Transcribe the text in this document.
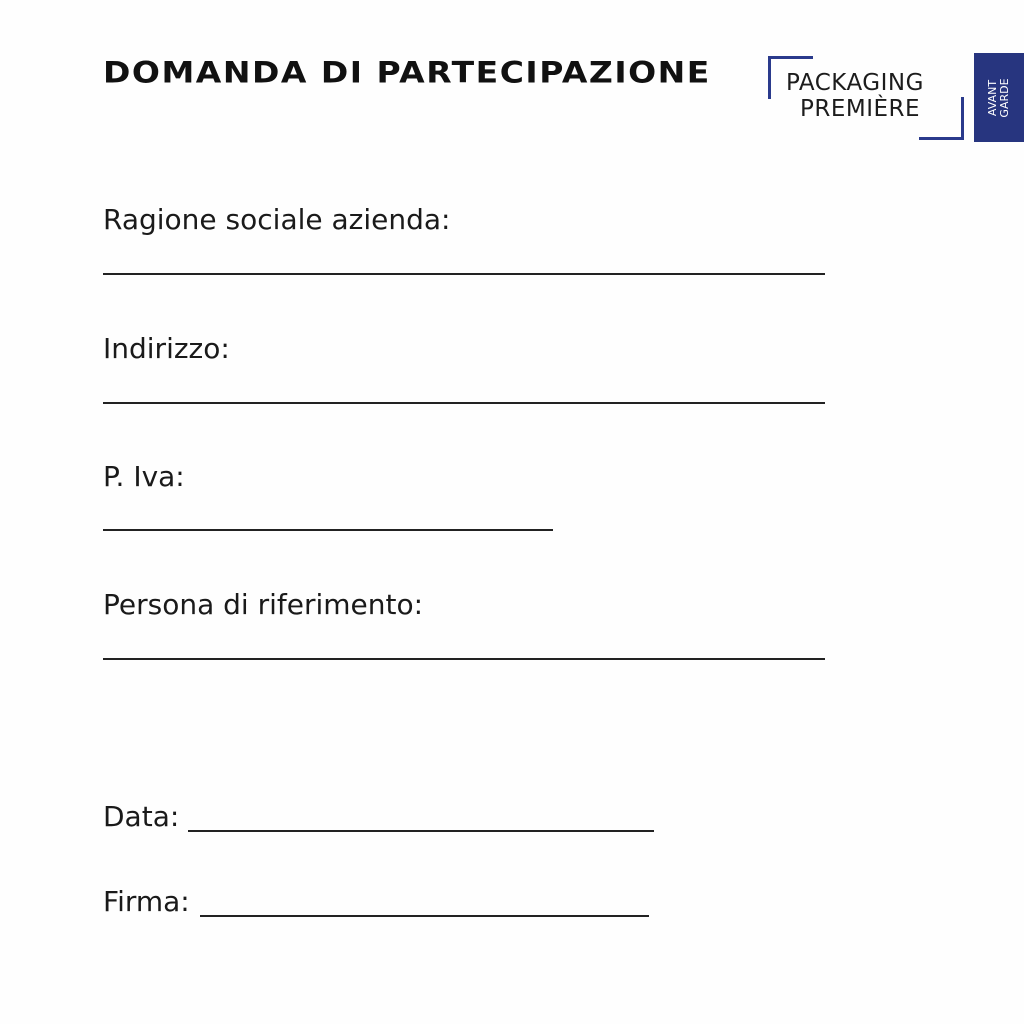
DOMANDA DI PARTECIPAZIONE	PACKAGING
PREMIÈRE	AVANT GARDE
Ragione sociale azienda:
Indirizzo:
P. Iva:
Persona di riferimento:
Data:
Firma:
